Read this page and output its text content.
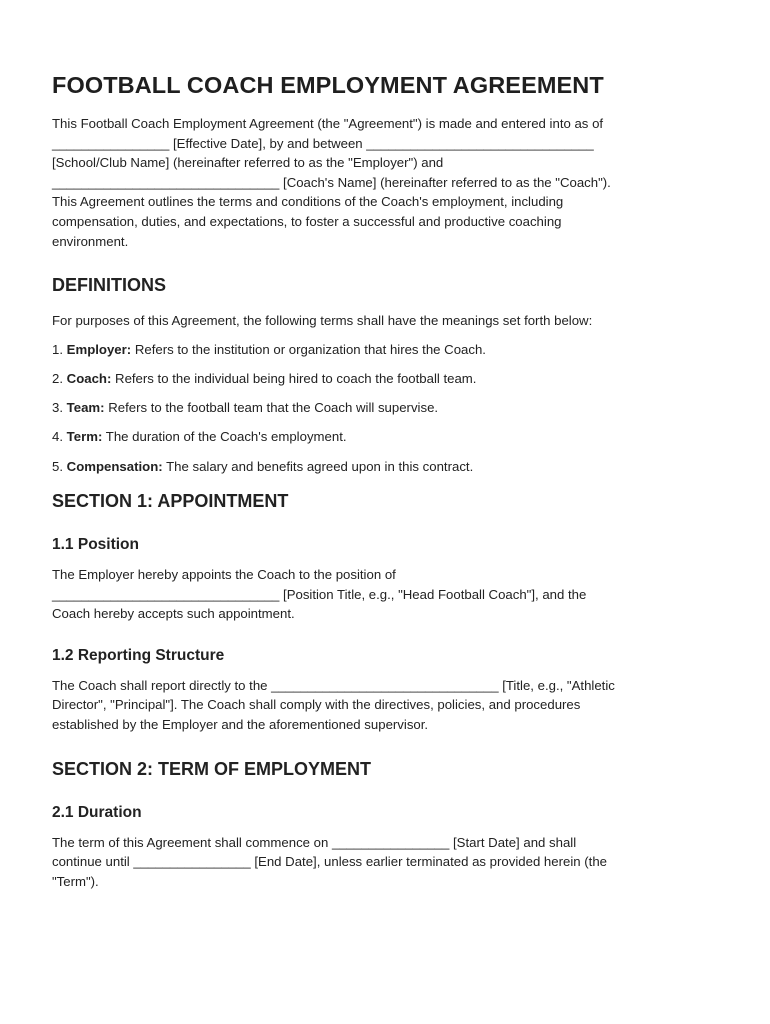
FOOTBALL COACH EMPLOYMENT AGREEMENT

This Football Coach Employment Agreement (the "Agreement") is made and entered into as of

________________ [Effective Date], by and between _______________________________

[School/Club Name] (hereinafter referred to as the "Employer") and

_______________________________ [Coach's Name] (hereinafter referred to as the "Coach").

This Agreement outlines the terms and conditions of the Coach's employment, including

compensation, duties, and expectations, to foster a successful and productive coaching

environment.

DEFINITIONS

For purposes of this Agreement, the following terms shall have the meanings set forth below:

1. Employer: Refers to the institution or organization that hires the Coach.
2. Coach: Refers to the individual being hired to coach the football team.
3. Team: Refers to the football team that the Coach will supervise.
4. Term: The duration of the Coach's employment.
5. Compensation: The salary and benefits agreed upon in this contract.
SECTION 1: APPOINTMENT
1.1 Position

The Employer hereby appoints the Coach to the position of

_______________________________ [Position Title, e.g., "Head Football Coach"], and the

Coach hereby accepts such appointment.

1.2 Reporting Structure

The Coach shall report directly to the _______________________________ [Title, e.g., "Athletic

Director", "Principal"]. The Coach shall comply with the directives, policies, and procedures

established by the Employer and the aforementioned supervisor.

SECTION 2: TERM OF EMPLOYMENT
2.1 Duration

The term of this Agreement shall commence on ________________ [Start Date] and shall

continue until ________________ [End Date], unless earlier terminated as provided herein (the

"Term").
